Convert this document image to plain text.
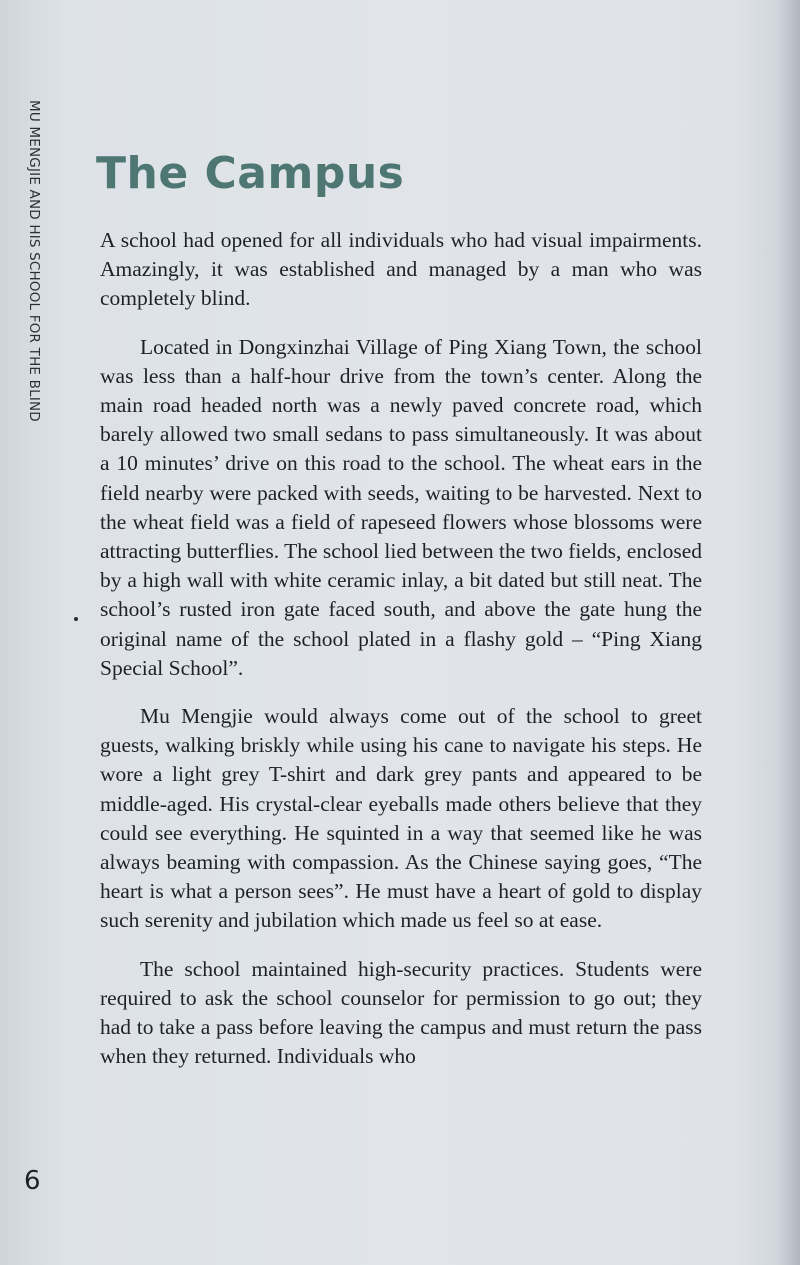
MU MENGJIE AND HIS SCHOOL FOR THE BLIND The Campus

A school had opened for all individuals who had visual impairments. Amazingly, it was established and managed by a man who was completely blind.

Located in Dongxinzhai Village of Ping Xiang Town, the school was less than a half-hour drive from the town’s center. Along the main road headed north was a newly paved concrete road, which barely allowed two small sedans to pass simultaneously. It was about a 10 minutes’ drive on this road to the school. The wheat ears in the field nearby were packed with seeds, waiting to be harvested. Next to the wheat field was a field of rapeseed flowers whose blossoms were attracting butterflies. The school lied between the two fields, enclosed by a high wall with white ceramic inlay, a bit dated but still neat. The school’s rusted iron gate faced south, and above the gate hung the original name of the school plated in a flashy gold – “Ping Xiang Special School”.

Mu Mengjie would always come out of the school to greet guests, walking briskly while using his cane to navigate his steps. He wore a light grey T-shirt and dark grey pants and appeared to be middle-aged. His crystal-clear eyeballs made others believe that they could see everything. He squinted in a way that seemed like he was always beaming with compassion. As the Chinese saying goes, “The heart is what a person sees”. He must have a heart of gold to display such serenity and jubilation which made us feel so at ease.

The school maintained high-security practices. Students were required to ask the school counselor for permission to go out; they had to take a pass before leaving the campus and must return the pass when they returned. Individuals who

6
